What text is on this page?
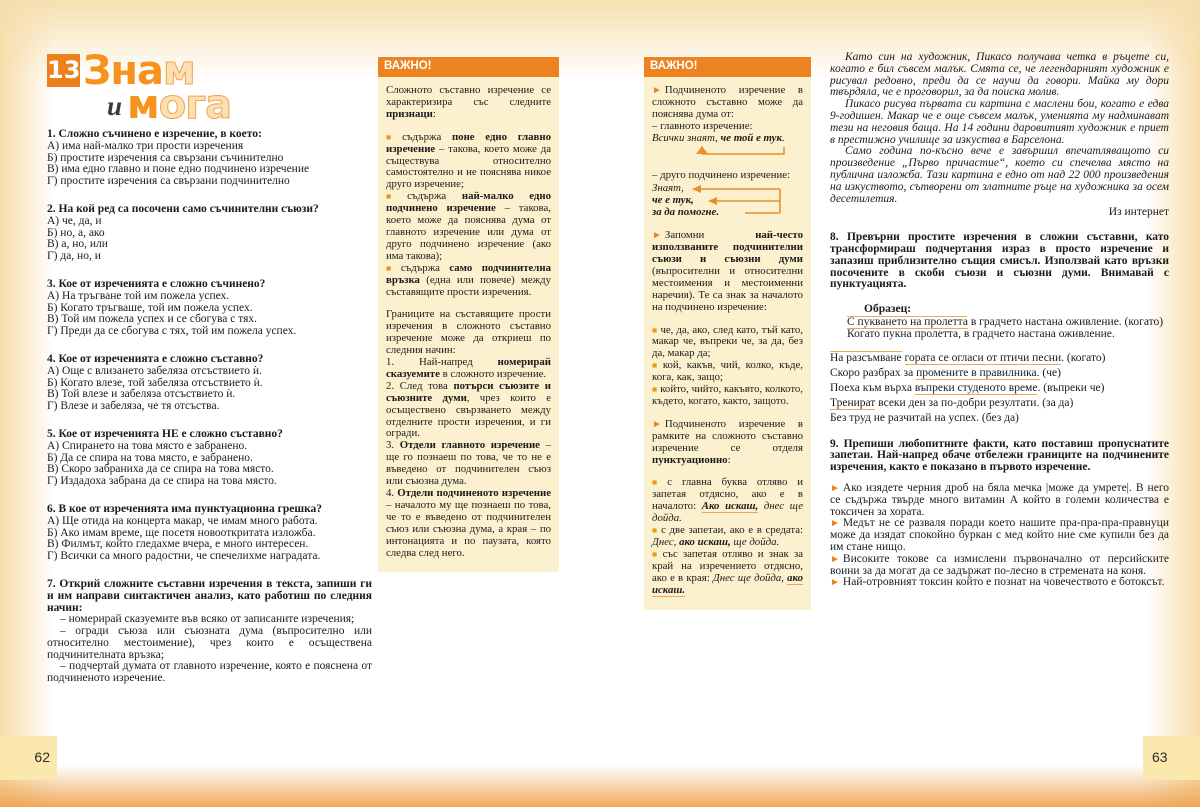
13Знам
и мога

1. Сложно съчинено е изречение, в което:

А) има най-малко три прости изречения

Б) простите изречения са свързани съчинително

В) има едно главно и поне едно подчинено изречение

Г) простите изречения са свързани подчинително

2. На кой ред са посочени само съчинителни съюзи?

А) че, да, и

Б) но, а, ако

В) а, но, или

Г) да, но, и

3. Кое от изреченията е сложно съчинено?

А) На тръгване той им пожела успех.

Б) Когато тръгваше, той им пожела успех.

В) Той им пожела успех и се сбогува с тях.

Г) Преди да се сбогува с тях, той им пожела успех.

4. Кое от изреченията е сложно съставно?

А) Още с влизането забеляза отсъствието ѝ.

Б) Когато влезе, той забеляза отсъствието ѝ.

В) Той влезе и забеляза отсъствието ѝ.

Г) Влезе и забеляза, че тя отсъства.

5. Кое от изреченията НЕ е сложно съставно?

А) Спирането на това място е забранено.

Б) Да се спира на това място, е забранено.

В) Скоро забраниха да се спира на това място.

Г) Издадоха забрана да се спира на това място.

6. В кое от изреченията има пунктуационна грешка?

А) Ще отида на концерта макар, че имам много работа.

Б) Ако имам време, ще посетя новооткритата изложба.

В) Филмът, който гледахме вчера, е много интересен.

Г) Всички са много радостни, че спечелихме наградата.

7. Открий сложните съставни изречения в текста, запиши ги и им направи синтактичен анализ, като работиш по следния начин:

– номерирай сказуемите във всяко от записаните изречения;

– огради съюза или съюзната дума (въпросително или относително местоимение), чрез които е осъществена подчинителната връзка;

– подчертай думата от главното изречение, която е пояснена от подчиненото изречение.

ВАЖНО!

Сложното съставно изречение се характеризира със следните признаци:

■ съдържа поне едно главно изречение – такова, което може да съществува относително самостоятелно и не пояснява никое друго изречение;

■ съдържа най-малко едно подчинено изречение – такова, което може да пояснява дума от главното изречение или дума от друго подчинено изречение (ако има такова);

■ съдържа само подчинителна връзка (една или повече) между съставящите прости изречения.

Границите на съставящите прости изречения в сложното съставно изречение може да откриеш по следния начин:

1. Най-напред номерирай сказуемите в сложното изречение.

2. След това потърси съюзите и съюзните думи, чрез които е осъществено свързването между отделните прости изречения, и ги огради.

3. Отдели главното изречение – ще го познаеш по това, че то не е въведено от подчинителен съюз или съюзна дума.

4. Отдели подчиненото изречение – началото му ще познаеш по това, че то е въведено от подчинителен съюз или съюзна дума, а края – по интонацията и по паузата, която следва след него.

ВАЖНО!

► Подчиненото изречение в сложното съставно може да пояснява дума от:

– главното изречение:

Всички знаят, че той е тук.

– друго подчинено изречение:

Знаят,

че е тук,

за да помогне.

► Запомни най-често използваните подчинителни съюзи и съюзни думи (въпросителни и относителни местоимения и местоименни наречия). Те са знак за началото на подчинено изречение:

■ че, да, ако, след като, тъй като, макар че, въпреки че, за да, без да, макар да;

■ кой, какъв, чий, колко, къде, кога, как, защо;

■ който, чийто, какъвто, колкото, където, когато, както, защото.

► Подчиненото изречение в рамките на сложното съставно изречение се отделя пунктуационно:

■ с главна буква отляво и запетая отдясно, ако е в началото: Ако искаш, днес ще дойда.

■ с две запетаи, ако е в средата: Днес, ако искаш, ще дойда.

■ със запетая отляво и знак за край на изречението отдясно, ако е в края: Днес ще дойда, ако искаш.

Като син на художник, Пикасо получава четка в ръцете си, когато е бил съвсем малък. Смята се, че легендарният художник е рисувал редовно, преди да се научи да говори. Майка му дори твърдяла, че е проговорил, за да поиска молив.

Пикасо рисува първата си картина с маслени бои, когато е едва 9-годишен. Макар че е още съвсем малък, уменията му надминават тези на неговия баща. На 14 години даровитият художник е приет в престижно училище за изкуства в Барселона.

Само година по-късно вече е завършил впечатляващото си произведение „Първо причастие“, което си спечелва място на публична изложба. Тази картина е едно от над 22 000 произведения на изкуството, сътворени от златните ръце на художника за осем десетилетия.

Из интернет

8. Превърни простите изречения в сложни съставни, като трансформираш подчертания израз в просто изречение и запазиш приблизително същия смисъл. Използвай като връзки посочените в скоби съюзи и съюзни думи. Внимавай с пунктуацията.

Образец:

С пукването на пролетта в градчето настана оживление. (когато)

Когато пукна пролетта, в градчето настана оживление.

На разсъмване гората се огласи от птичи песни. (когато)

Скоро разбрах за промените в правилника. (че)

Поеха към върха въпреки студеното време. (въпреки че)

Тренират всеки ден за по-добри резултати. (за да)

Без труд не разчитай на успех. (без да)

9. Препиши любопитните факти, като поставиш пропуснатите запетаи. Най-напред обаче отбележи границите на подчинените изречения, както е показано в първото изречение.

► Ако изядете черния дроб на бяла мечка |може да умрете|. В него се съдържа твърде много витамин А който в големи количества е токсичен за хората.

► Медът не се разваля поради което нашите пра-пра-пра-правнуци може да изядат спокойно буркан с мед който ние сме купили без да им стане нищо.

► Високите токове са измислени първоначално от персийските воини за да могат да се задържат по-лесно в стремената на коня.

► Най-отровният токсин който е познат на човечеството е ботоксът.

62	63
